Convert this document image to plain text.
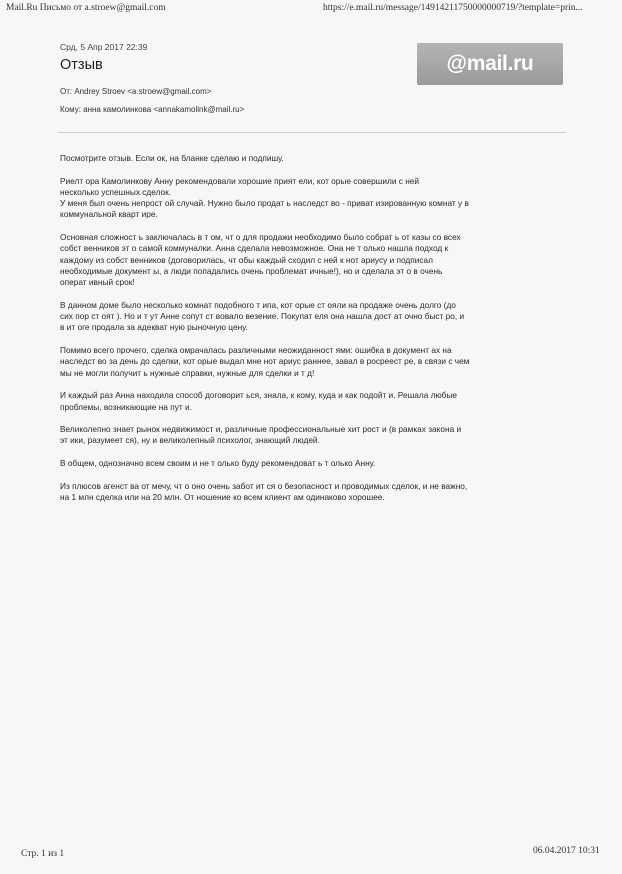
Mail.Ru Письмо от a.stroew@gmail.com	https://e.mail.ru/message/14914211750000000719/?template=prin...
Срд, 5 Апр 2017 22:39
Отзыв	@mail.ru
От: Andrey Stroev <a.stroew@gmail.com>
Кому: анна камолинкова <annakamolink@mail.ru>
Посмотрите отзыв. Если ок, на бланке сделаю и подпишу.
Риелт ора Камолинкову Анну рекомендовали хорошие прият ели, кот орые совершили с ней
несколько успешных сделок.
У меня был очень непрост ой случай. Нужно было продат ь наследст во - приват изированную комнат у в
коммунальной кварт ире.
Основная сложност ь заключалась в т ом, чт о для продажи необходимо было собрат ь от казы со всех
собст венников эт о самой коммуналки. Анна сделала невозможное. Она не т олько нашла подход к
каждому из собст венников (договорилась, чт обы каждый сходил с ней к нот ариусу и подписал
необходимые документ ы, а люди попадались очень проблемат ичные!), но и сделала эт о в очень
операт ивный срок!
В данном доме было несколько комнат подобного т ипа, кот орые ст ояли на продаже очень долго (до
сих пор ст оят ). Но и т ут Анне сопут ст вовало везение. Покупат еля она нашла дост ат очно быст ро, и
в ит оге продала за адекват ную рыночную цену.
Помимо всего прочего, сделка омрачалась различными неожиданност ями: ошибка в документ ах на
наследст во за день до сделки, кот орые выдал мне нот ариус раннее, завал в росреест ре, в связи с чем
мы не могли получит ь нужные справки, нужные для сделки и т д!
И каждый раз Анна находила способ договорит ься, знала, к кому, куда и как подойт и. Решала любые
проблемы, возникающие на пут и.
Великолепно знает рынок недвижимост и, различные профессиональные хит рост и (в рамках закона и
эт ики, разумеет ся), ну и великолепный психолог, знающий людей.
В общем, однозначно всем своим и не т олько буду рекомендоват ь т олько Анну.
Из плюсов агенст ва от мечу, чт о оно очень забот ит ся о безопасност и проводимых сделок, и не важно,
на 1 млн сделка или на 20 млн. От ношение ко всем клиент ам одинаково хорошее.
Стр. 1 из 1	06.04.2017 10:31
